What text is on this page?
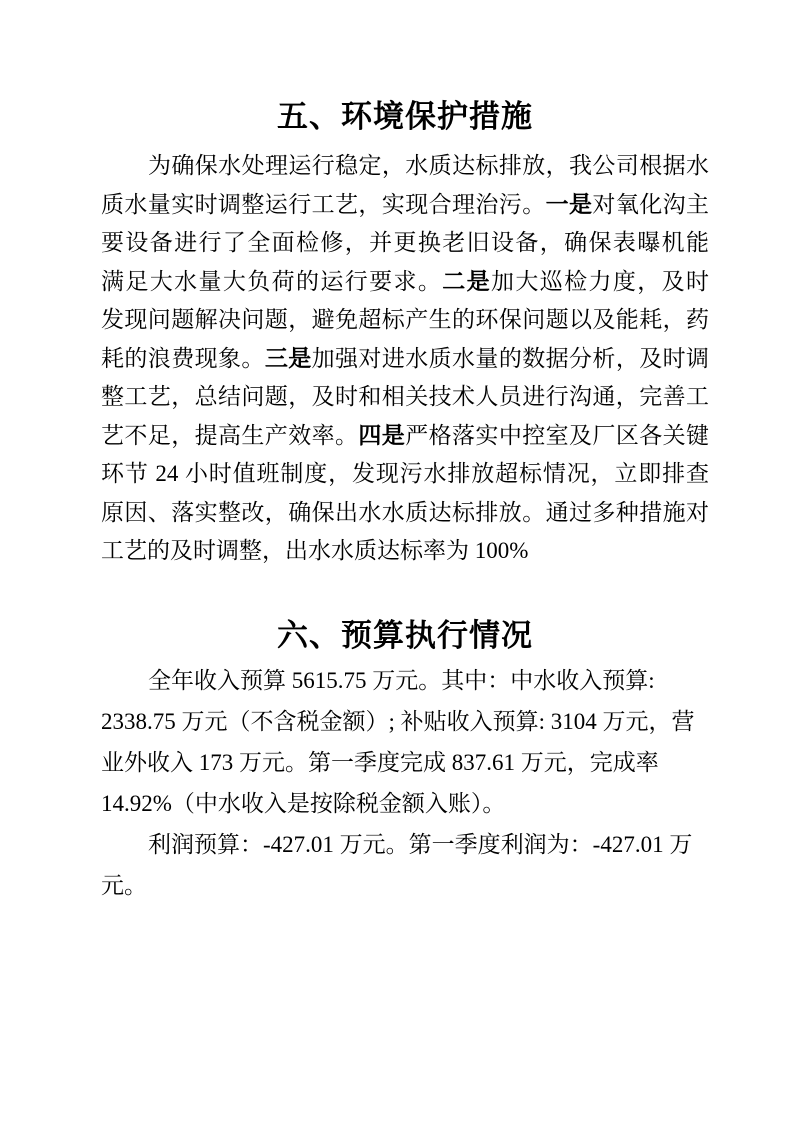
五、环境保护措施
为确保水处理运行稳定，水质达标排放，我公司根据水
质水量实时调整运行工艺，实现合理治污。一是对氧化沟主
要设备进行了全面检修，并更换老旧设备，确保表曝机能
满足大水量大负荷的运行要求。二是加大巡检力度，及时
发现问题解决问题，避免超标产生的环保问题以及能耗，药
耗的浪费现象。三是加强对进水质水量的数据分析，及时调
整工艺，总结问题，及时和相关技术人员进行沟通，完善工
艺不足，提高生产效率。四是严格落实中控室及厂区各关键
环节 24 小时值班制度，发现污水排放超标情况，立即排查
原因、落实整改，确保出水水质达标排放。通过多种措施对
工艺的及时调整，出水水质达标率为 100%
六、预算执行情况
全年收入预算 5615.75 万元。其中：中水收入预算:
2338.75 万元（不含税金额）; 补贴收入预算: 3104 万元，营
业外收入 173 万元。第一季度完成 837.61 万元，完成率
14.92%（中水收入是按除税金额入账）。
利润预算：-427.01 万元。第一季度利润为：-427.01 万
元。
